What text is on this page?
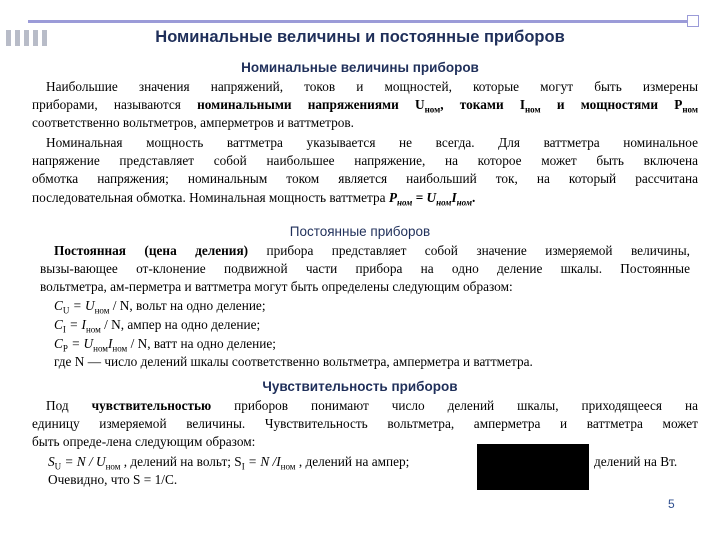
Номинальные величины и постоянные приборов
Номинальные величины приборов
Наибольшие значения напряжений, токов и мощностей, которые могут быть измерены
приборами, называются номинальными напряжениями $U_{ном}$, токами $I_{ном}$ и мощностями $P_{ном}$
соответственно вольтметров, амперметров и ваттметров.
Номинальная мощность ваттметра указывается не всегда. Для ваттметра номинальное
напряжение представляет собой наибольшее напряжение, на которое может быть включена
обмотка напряжения; номинальным током является наибольший ток, на который рассчитана
последовательная обмотка. Номинальная мощность ваттметра $P_{ном} = U_{ном}I_{ном}$.
Постоянные приборов
Постоянная (цена деления) прибора представляет собой значение измеряемой величины,
вызы-вающее от-клонение подвижной части прибора на одно деление шкалы. Постоянные
вольтметра, ам-перметра и ваттметра могут быть определены следующим образом:
$C_U = U_{ном} / N$, вольт на одно деление;
$C_I = I_{ном} / N$, ампер на одно деление;
$C_P = U_{ном}I_{ном} / N$, ватт на одно деление;
где N — число делений шкалы соответственно вольтметра, амперметра и ваттметра.
Чувствительность приборов
Под чувствительностью приборов понимают число делений шкалы, приходящееся на
единицу измеряемой величины. Чувствительность вольтметра, амперметра и ваттметра может
быть опреде-лена следующим образом:
$S_U = N / U_{ном}$ , делений на вольт; $S_I = N$ $/I_{ном}$ , делений на ампер;	делений на Вт.
Очевидно, что S = 1/C.
5
